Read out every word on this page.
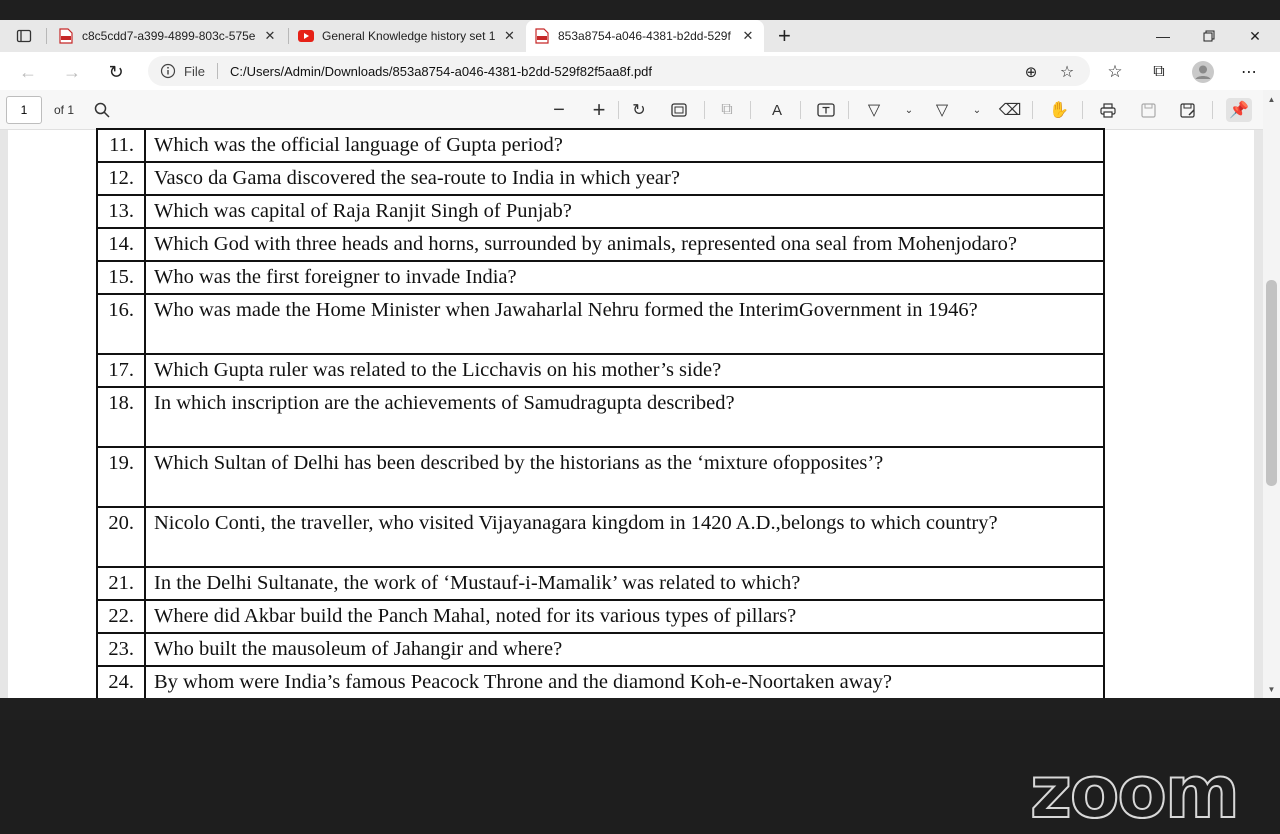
c8c5cdd7-a399-4899-803c-575e ✕	General Knowledge history set 1 ✕	853a8754-a046-4381-b2dd-529f ✕ +	—	✕
← → ↻	File C:/Users/Admin/Downloads/853a8754-a046-4381-b2dd-529f82f5aa8f.pdf	⊕ ☆ ☆ ⧉	⋯
1	of 1	− + ↻	⧉	A	▽ ⌄ ▽ ⌄ ⌫ ✋	📌
11.	Which was the official language of Gupta period?
12.	Vasco da Gama discovered the sea-route to India in which year?
13.	Which was capital of Raja Ranjit Singh of Punjab?
14.	Which God with three heads and horns, surrounded by animals, represented ona seal from Mohenjodaro?
15.	Who was the first foreigner to invade India?
16.	Who was made the Home Minister when Jawaharlal Nehru formed the InterimGovernment in 1946?
17.	Which Gupta ruler was related to the Licchavis on his mother’s side?
18.	In which inscription are the achievements of Samudragupta described?
19.	Which Sultan of Delhi has been described by the historians as the ‘mixture ofopposites’?
20.	Nicolo Conti, the traveller, who visited Vijayanagara kingdom in 1420 A.D.,belongs to which country?
21.	In the Delhi Sultanate, the work of ‘Mustauf-i-Mamalik’ was related to which?
22.	Where did Akbar build the Panch Mahal, noted for its various types of pillars?
23.	Who built the mausoleum of Jahangir and where?
24.	By whom were India’s famous Peacock Throne and the diamond Koh-e-Noortaken away?
zoom
▲
▼
